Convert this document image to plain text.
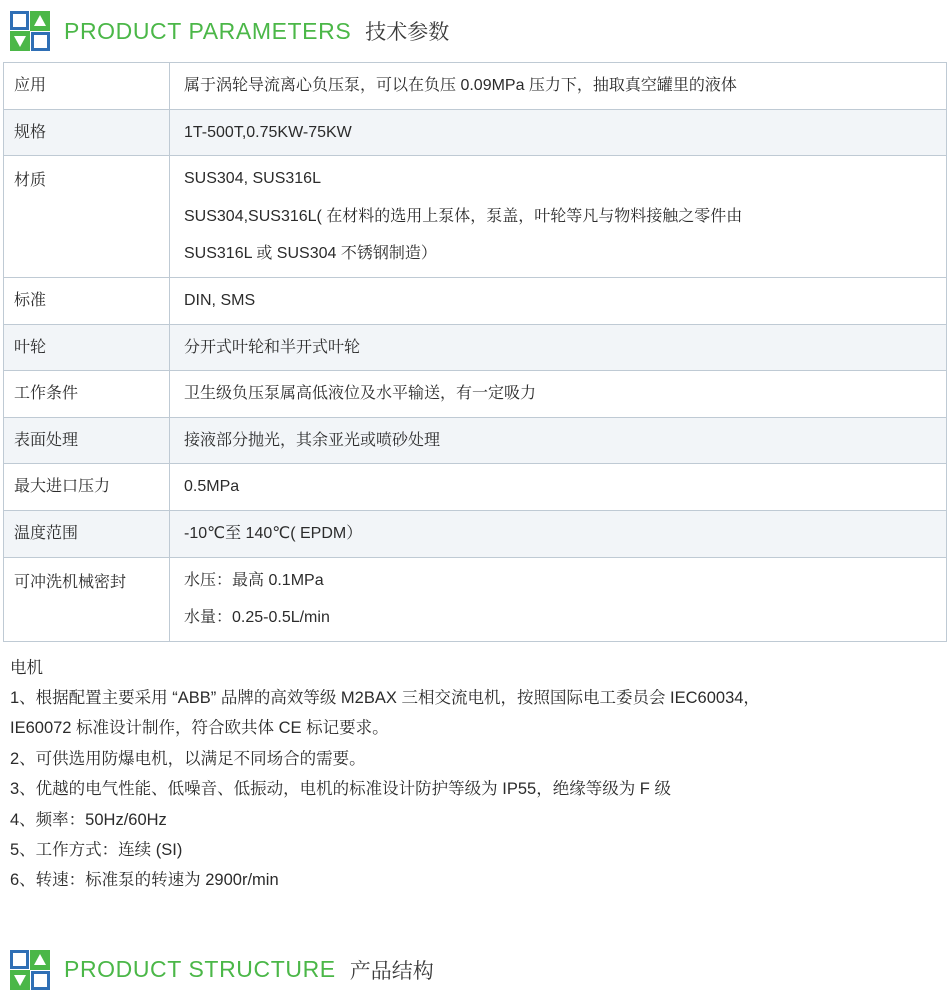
PRODUCT PARAMETERS 技术参数
应用	属于涡轮导流离心负压泵，可以在负压 0.09MPa 压力下，抽取真空罐里的液体

规格	1T-500T,0.75KW-75KW

材质	SUS304, SUS316L
SUS304,SUS316L( 在材料的选用上泵体，泵盖，叶轮等凡与物料接触之零件由
SUS316L 或 SUS304 不锈钢制造）

标准	DIN, SMS

叶轮	分开式叶轮和半开式叶轮

工作条件	卫生级负压泵属高低液位及水平输送，有一定吸力

表面处理	接液部分抛光，其余亚光或喷砂处理

最大进口压力	0.5MPa

温度范围	-10℃至 140℃( EPDM）

可冲洗机械密封	水压：最高 0.1MPa
水量：0.25-0.5L/min

电机

1、根据配置主要采用 “ABB” 品牌的高效等级 M2BAX 三相交流电机，按照国际电工委员会 IEC60034，

IE60072 标准设计制作，符合欧共体 CE 标记要求。

2、可供选用防爆电机，以满足不同场合的需要。

3、优越的电气性能、低噪音、低振动，电机的标准设计防护等级为 IP55，绝缘等级为 F 级

4、频率：50Hz/60Hz

5、工作方式：连续 (SI)

6、转速：标准泵的转速为 2900r/min

PRODUCT STRUCTURE 产品结构
